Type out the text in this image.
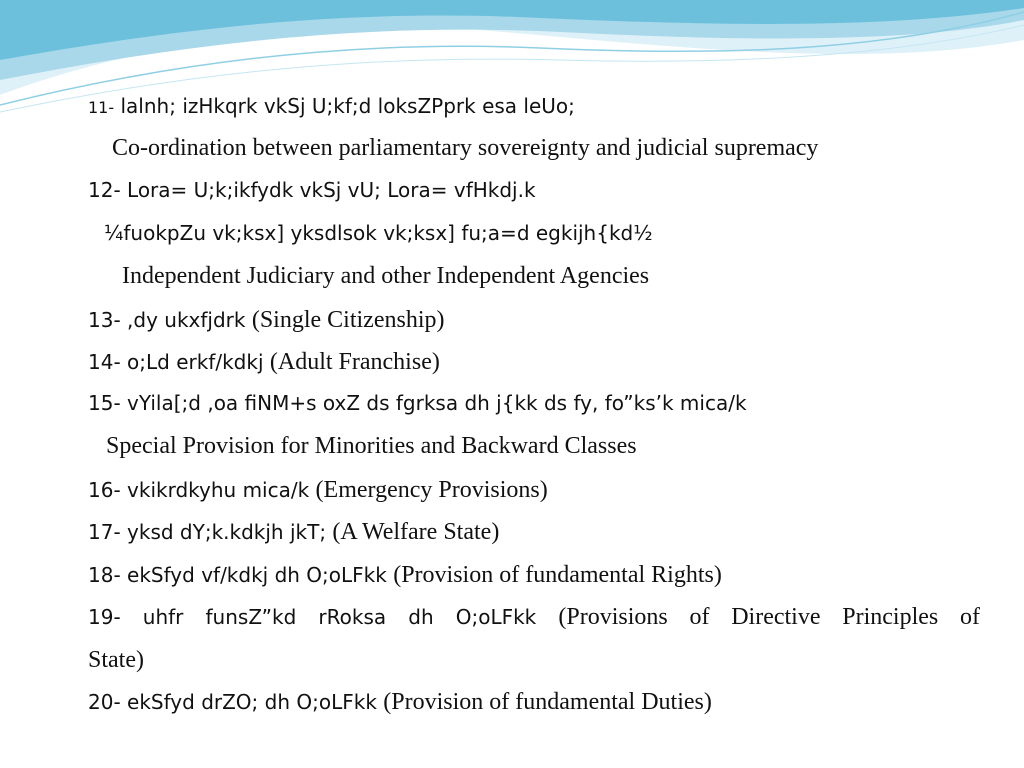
11- lalnh; izHkqrk vkSj U;kf;d loksZPprk esa leUo;
Co-ordination between parliamentary sovereignty and judicial supremacy
12- Lora= U;k;ikfydk vkSj vU; Lora= vfHkdj.k
¼fuokpZu vk;ksx] yksdlsok vk;ksx] fu;a=d egkijh{kd½
Independent Judiciary and other Independent Agencies
13- ,dy ukxfjdrk (Single Citizenship)
14- o;Ld erkf/kdkj (Adult Franchise)
15- vYila[;d ,oa fiNM+s oxZ ds fgrksa dh j{kk ds fy, fo”ks’k mica/k
Special Provision for Minorities and Backward Classes
16- vkikrdkyhu mica/k (Emergency Provisions)
17- yksd dY;k.kdkjh jkT; (A Welfare State)
18- ekSfyd vf/kdkj dh O;oLFkk (Provision of fundamental Rights)
19- uhfr funsZ”kd rRoksa dh O;oLFkk (Provisions of Directive Principles of
State)
20- ekSfyd drZO; dh O;oLFkk (Provision of fundamental Duties)
